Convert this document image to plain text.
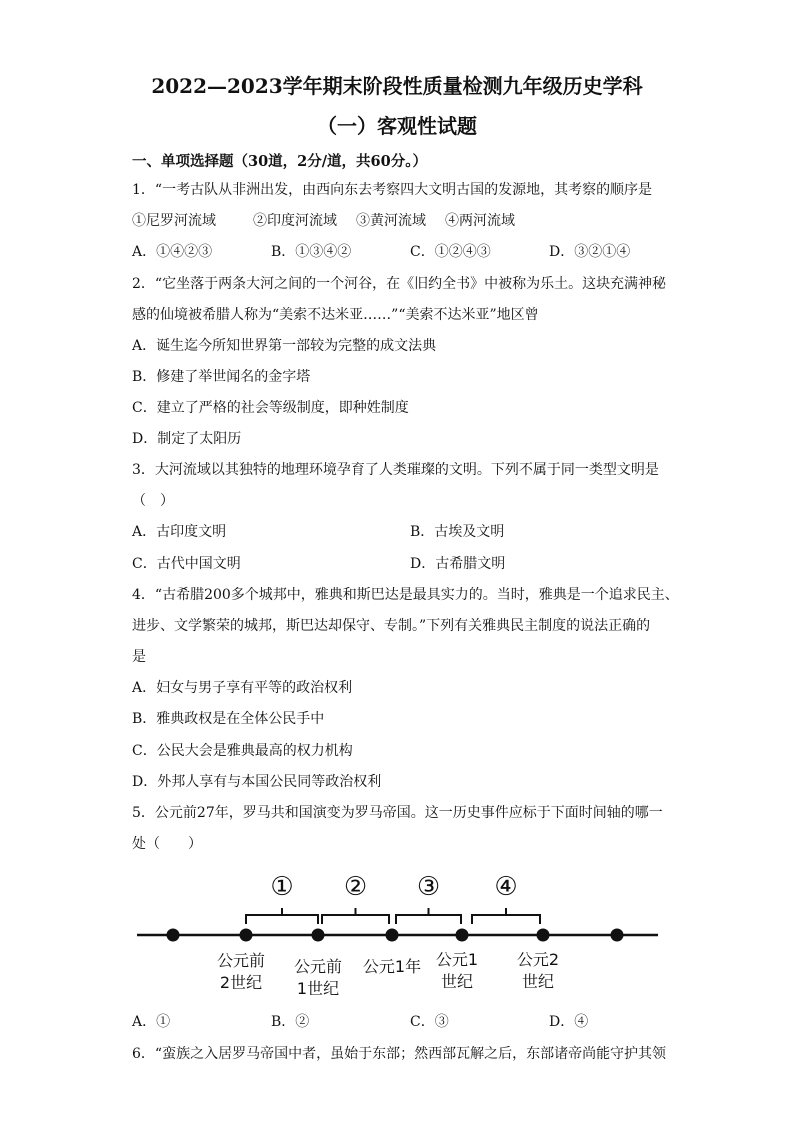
2022—2023学年期末阶段性质量检测九年级历史学科
（一）客观性试题
一、单项选择题（30道，2分/道，共60分。）
1．“一考古队从非洲出发，由西向东去考察四大文明古国的发源地，其考察的顺序是
①尼罗河流域	②印度河流域 ③黄河流域 ④两河流域
A．①④②③	B．①③④②	C．①②④③	D．③②①④
2．“它坐落于两条大河之间的一个河谷，在《旧约全书》中被称为乐土。这块充满神秘
感的仙境被希腊人称为“美索不达米亚……”“美索不达米亚”地区曾
A．诞生迄今所知世界第一部较为完整的成文法典
B．修建了举世闻名的金字塔
C．建立了严格的社会等级制度，即种姓制度
D．制定了太阳历
3．大河流域以其独特的地理环境孕育了人类璀璨的文明。下列不属于同一类型文明是
（　）
A．古印度文明	B．古埃及文明
C．古代中国文明	D．古希腊文明
4．“古希腊200多个城邦中，雅典和斯巴达是最具实力的。当时，雅典是一个追求民主、
进步、文学繁荣的城邦，斯巴达却保守、专制。”下列有关雅典民主制度的说法正确的
是
A．妇女与男子享有平等的政治权利
B．雅典政权是在全体公民手中
C．公民大会是雅典最高的权力机构
D．外邦人享有与本国公民同等政治权利
5．公元前27年，罗马共和国演变为罗马帝国。这一历史事件应标于下面时间轴的哪一
处（　　）
① ② ③ ④
公元前
2世纪
公元前
1世纪
公元1年 公元1
世纪
公元2
世纪
A．①	B．②	C．③	D．④
6．“蛮族之入居罗马帝国中者，虽始于东部；然西部瓦解之后，东部诸帝尚能守护其领
